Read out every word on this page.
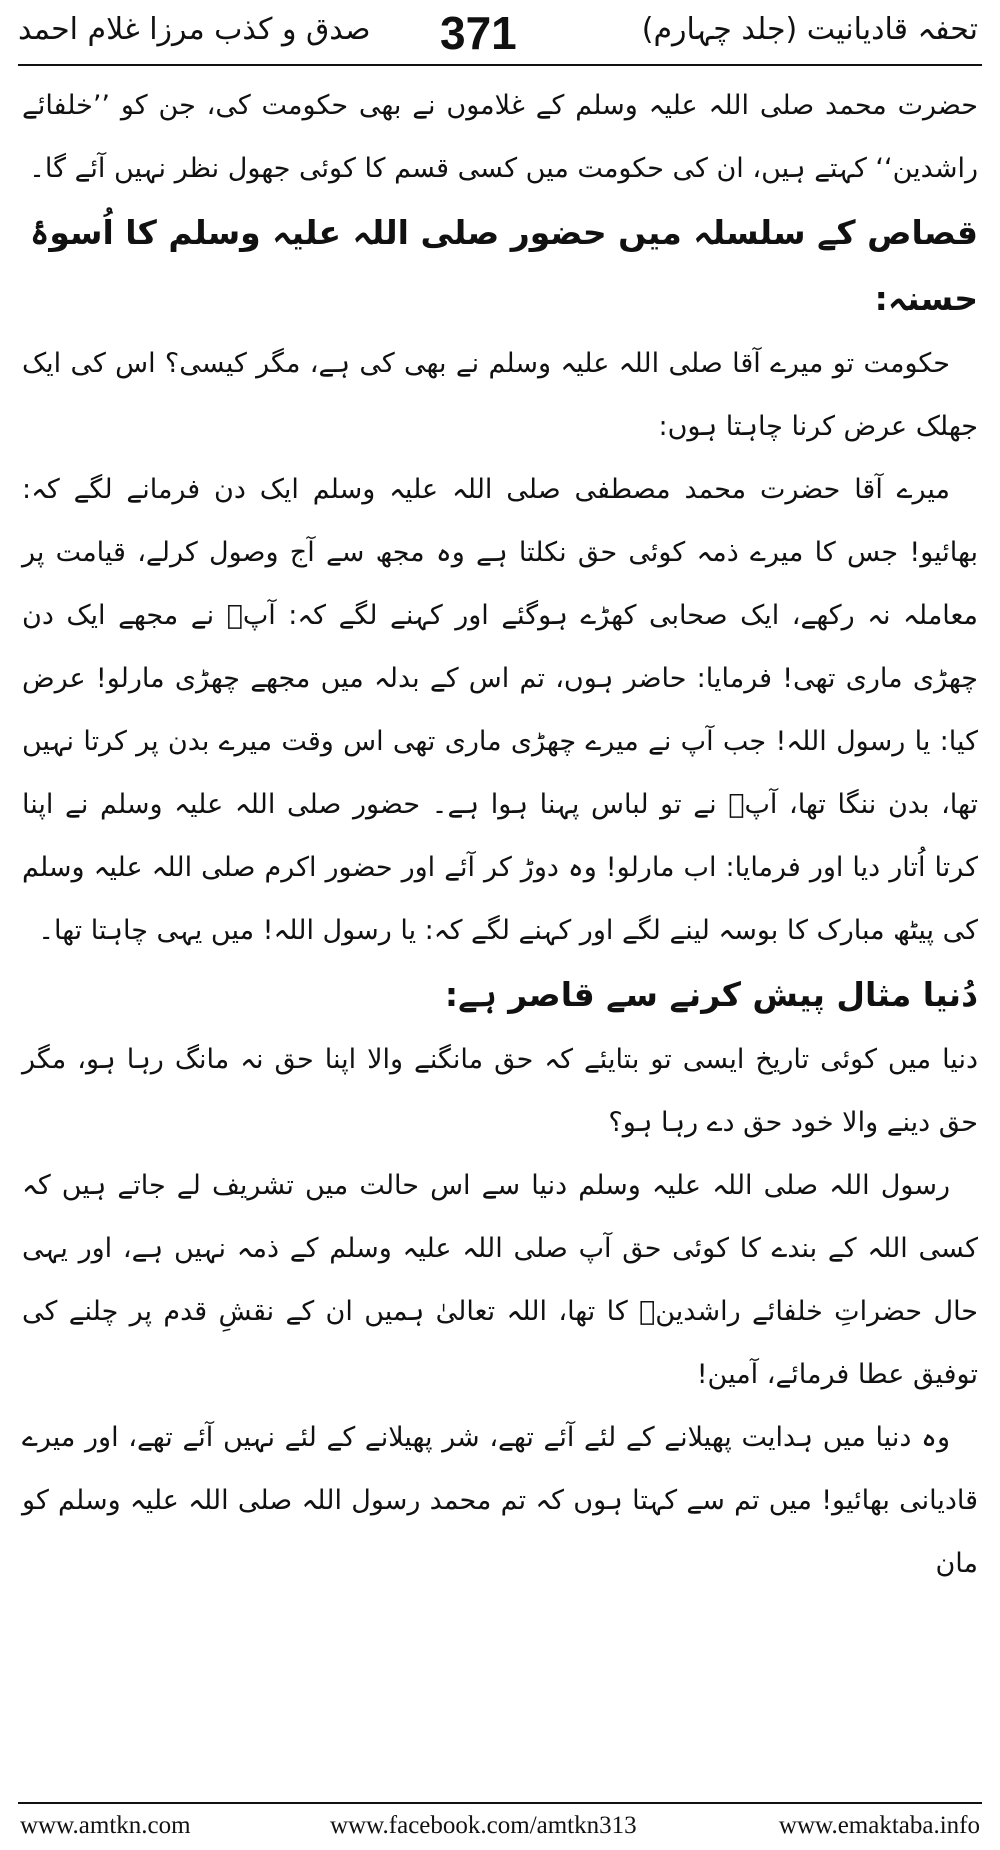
تحفہ قادیانیت (جلد چہارم)
371
صدق و کذب مرزا غلام احمد

حضرت محمد صلی اللہ علیہ وسلم کے غلاموں نے بھی حکومت کی، جن کو ’’خلفائے راشدین‘‘ کہتے ہیں، ان کی حکومت میں کسی قسم کا کوئی جھول نظر نہیں آئے گا۔

قصاص کے سلسلہ میں حضور صلی اللہ علیہ وسلم کا اُسوۂ حسنہ:

حکومت تو میرے آقا صلی اللہ علیہ وسلم نے بھی کی ہے، مگر کیسی؟ اس کی ایک جھلک عرض کرنا چاہتا ہوں:

میرے آقا حضرت محمد مصطفی صلی اللہ علیہ وسلم ایک دن فرمانے لگے کہ: بھائیو! جس کا میرے ذمہ کوئی حق نکلتا ہے وہ مجھ سے آج وصول کرلے، قیامت پر معاملہ نہ رکھے، ایک صحابی کھڑے ہوگئے اور کہنے لگے کہ: آپؐ نے مجھے ایک دن چھڑی ماری تھی! فرمایا: حاضر ہوں، تم اس کے بدلہ میں مجھے چھڑی مارلو! عرض کیا: یا رسول اللہ! جب آپ نے میرے چھڑی ماری تھی اس وقت میرے بدن پر کرتا نہیں تھا، بدن ننگا تھا، آپؐ نے تو لباس پہنا ہوا ہے۔ حضور صلی اللہ علیہ وسلم نے اپنا کرتا اُتار دیا اور فرمایا: اب مارلو! وہ دوڑ کر آئے اور حضور اکرم صلی اللہ علیہ وسلم کی پیٹھ مبارک کا بوسہ لینے لگے اور کہنے لگے کہ: یا رسول اللہ! میں یہی چاہتا تھا۔

دُنیا مثال پیش کرنے سے قاصر ہے:

دنیا میں کوئی تاریخ ایسی تو بتایئے کہ حق مانگنے والا اپنا حق نہ مانگ رہا ہو، مگر حق دینے والا خود حق دے رہا ہو؟

رسول اللہ صلی اللہ علیہ وسلم دنیا سے اس حالت میں تشریف لے جاتے ہیں کہ کسی اللہ کے بندے کا کوئی حق آپ صلی اللہ علیہ وسلم کے ذمہ نہیں ہے، اور یہی حال حضراتِ خلفائے راشدینؓ کا تھا، اللہ تعالیٰ ہمیں ان کے نقشِ قدم پر چلنے کی توفیق عطا فرمائے، آمین!

وہ دنیا میں ہدایت پھیلانے کے لئے آئے تھے، شر پھیلانے کے لئے نہیں آئے تھے، اور میرے قادیانی بھائیو! میں تم سے کہتا ہوں کہ تم محمد رسول اللہ صلی اللہ علیہ وسلم کو مان

www.amtkn.com	www.facebook.com/amtkn313	www.emaktaba.info
